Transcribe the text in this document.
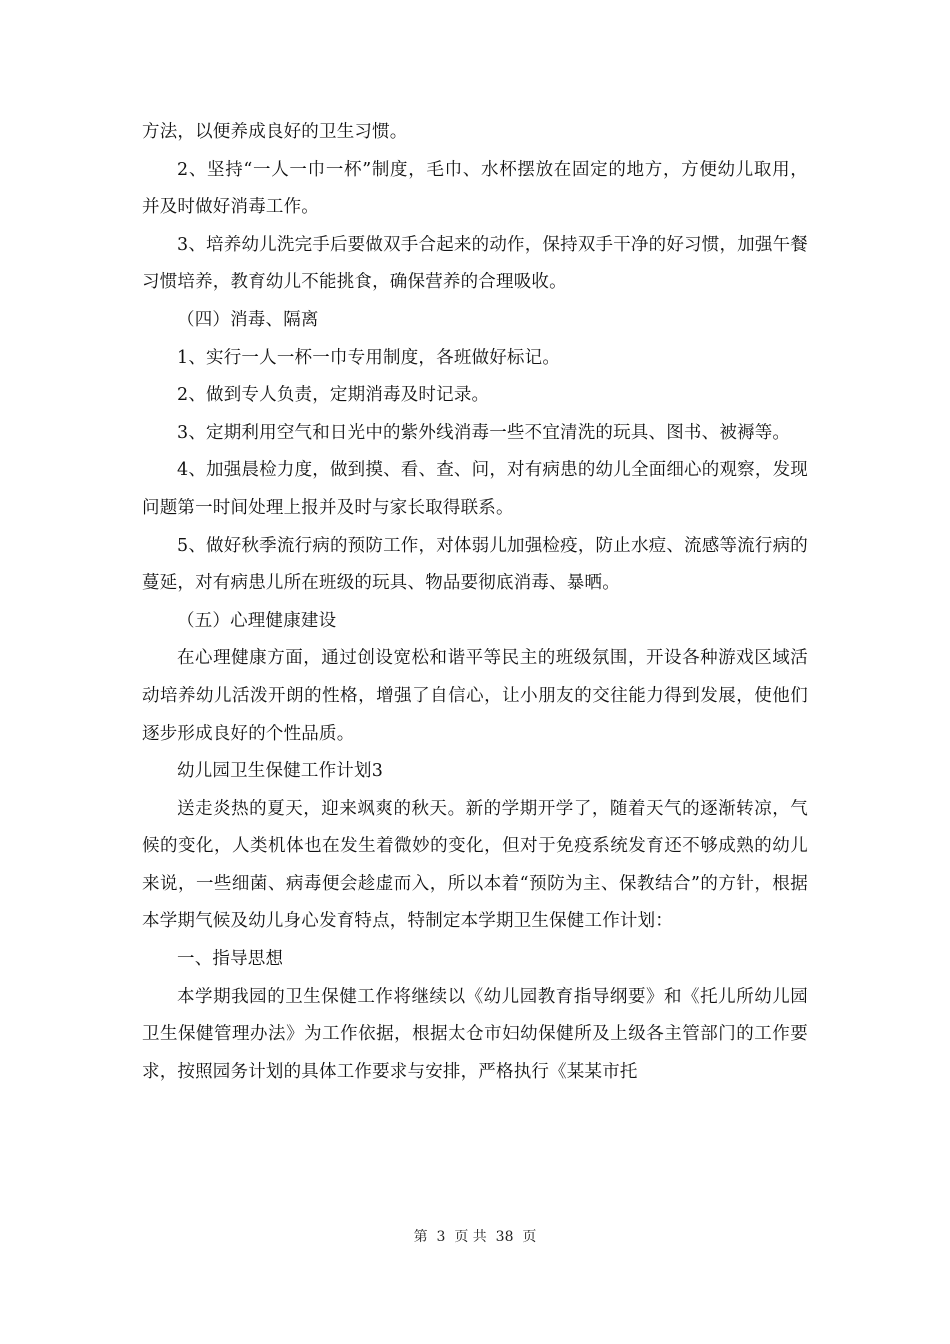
方法，以便养成良好的卫生习惯。

2、坚持“一人一巾一杯”制度，毛巾、水杯摆放在固定的地方，方便幼儿取用，并及时做好消毒工作。

3、培养幼儿洗完手后要做双手合起来的动作，保持双手干净的好习惯，加强午餐习惯培养，教育幼儿不能挑食，确保营养的合理吸收。

（四）消毒、隔离

1、实行一人一杯一巾专用制度，各班做好标记。

2、做到专人负责，定期消毒及时记录。

3、定期利用空气和日光中的紫外线消毒一些不宜清洗的玩具、图书、被褥等。

4、加强晨检力度，做到摸、看、查、问，对有病患的幼儿全面细心的观察，发现问题第一时间处理上报并及时与家长取得联系。

5、做好秋季流行病的预防工作，对体弱儿加强检疫，防止水痘、流感等流行病的蔓延，对有病患儿所在班级的玩具、物品要彻底消毒、暴晒。

（五）心理健康建设

在心理健康方面，通过创设宽松和谐平等民主的班级氛围，开设各种游戏区域活动培养幼儿活泼开朗的性格，增强了自信心，让小朋友的交往能力得到发展，使他们逐步形成良好的个性品质。

幼儿园卫生保健工作计划3

送走炎热的夏天，迎来飒爽的秋天。新的学期开学了，随着天气的逐渐转凉，气候的变化，人类机体也在发生着微妙的变化，但对于免疫系统发育还不够成熟的幼儿来说，一些细菌、病毒便会趁虚而入，所以本着“预防为主、保教结合”的方针，根据本学期气候及幼儿身心发育特点，特制定本学期卫生保健工作计划：

一、指导思想

本学期我园的卫生保健工作将继续以《幼儿园教育指导纲要》和《托儿所幼儿园卫生保健管理办法》为工作依据，根据太仓市妇幼保健所及上级各主管部门的工作要求，按照园务计划的具体工作要求与安排，严格执行《某某市托

第  3  页 共  38  页
